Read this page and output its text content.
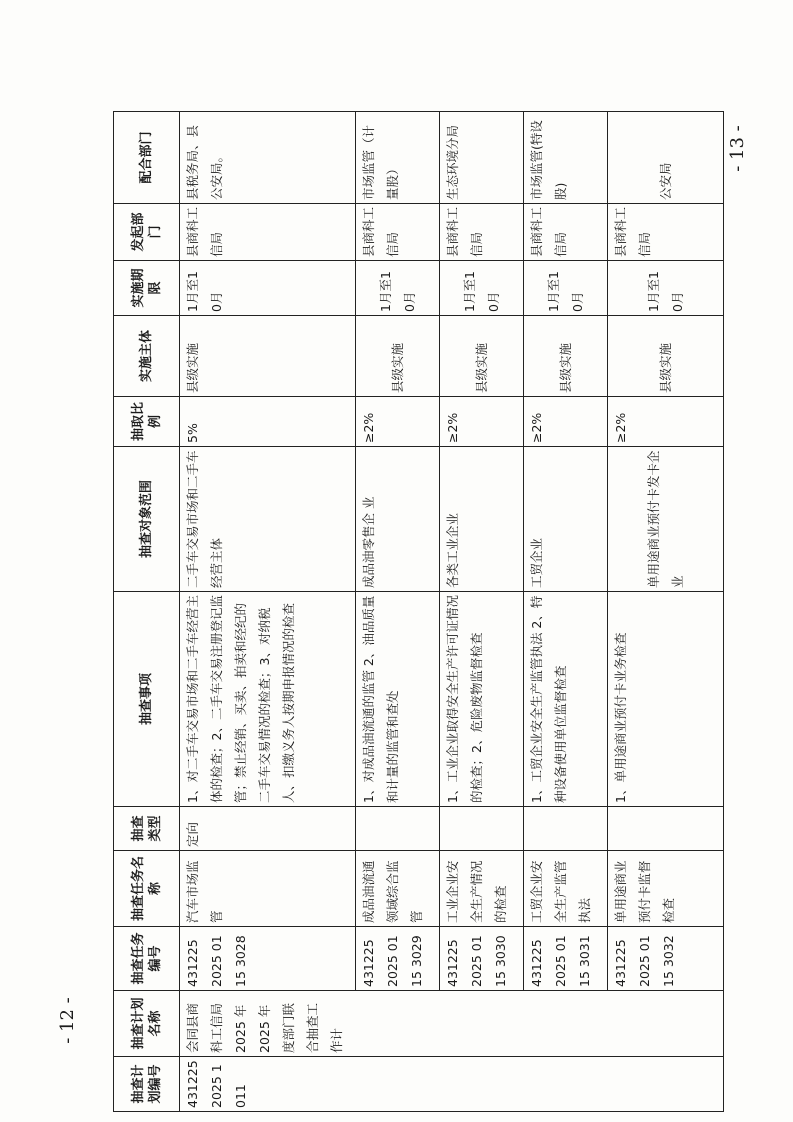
- 12 -
- 13 -
抽查计划编号	抽查计划名称	抽查任务编号	抽查任务名称	抽查类型	抽查事项	抽查对象范围	抽取比例	实施主体	实施期限	发起部门	配合部门
431225 2025 1011	会同县商科工信局 2025 年 2025 年度部门联合抽查工作计	431225 2025 0115 3028	汽车市场监管	定向	1、对二手车交易市场和二手车经营主体的检查；2、二手车交易注册登记监管；禁止经销、买卖、拍卖和经纪的二手车交易情况的检查；3、对纳税人、扣缴义务人按期申报情况的检查	二手车交易市场和二手车经营主体	5%	县级实施	1月至10月	县商科工信局	县税务局、县公安局。
		431225 2025 0115 3029	成品油流通领域综合监管		1、对成品油流通的监管 2、油品质量和计量的监管和查处	成品油零售企 业	≥2%	县级实施	1月至10月	县商科工信局	市场监管（计量股）
		431225 2025 0115 3030	工业企业安全生产情况的检查		1、工业企业取得安全生产许可证情况的检查；2、危险废物监督检查	各类工业企业	≥2%	县级实施	1月至10月	县商科工信局	生态环境分局
		431225 2025 0115 3031	工贸企业安全生产监管执法		1、工贸企业安全生产监管执法 2、特种设备使用单位监督检查	工贸企业	≥2%	县级实施	1月至10月	县商科工信局	市场监管(特设股)
		431225 2025 0115 3032	单用途商业预付卡监督检查		1、单用途商业预付卡业务检查	单用途商业预付卡发卡企业	≥2%	县级实施	1月至10月	县商科工信局	公安局
